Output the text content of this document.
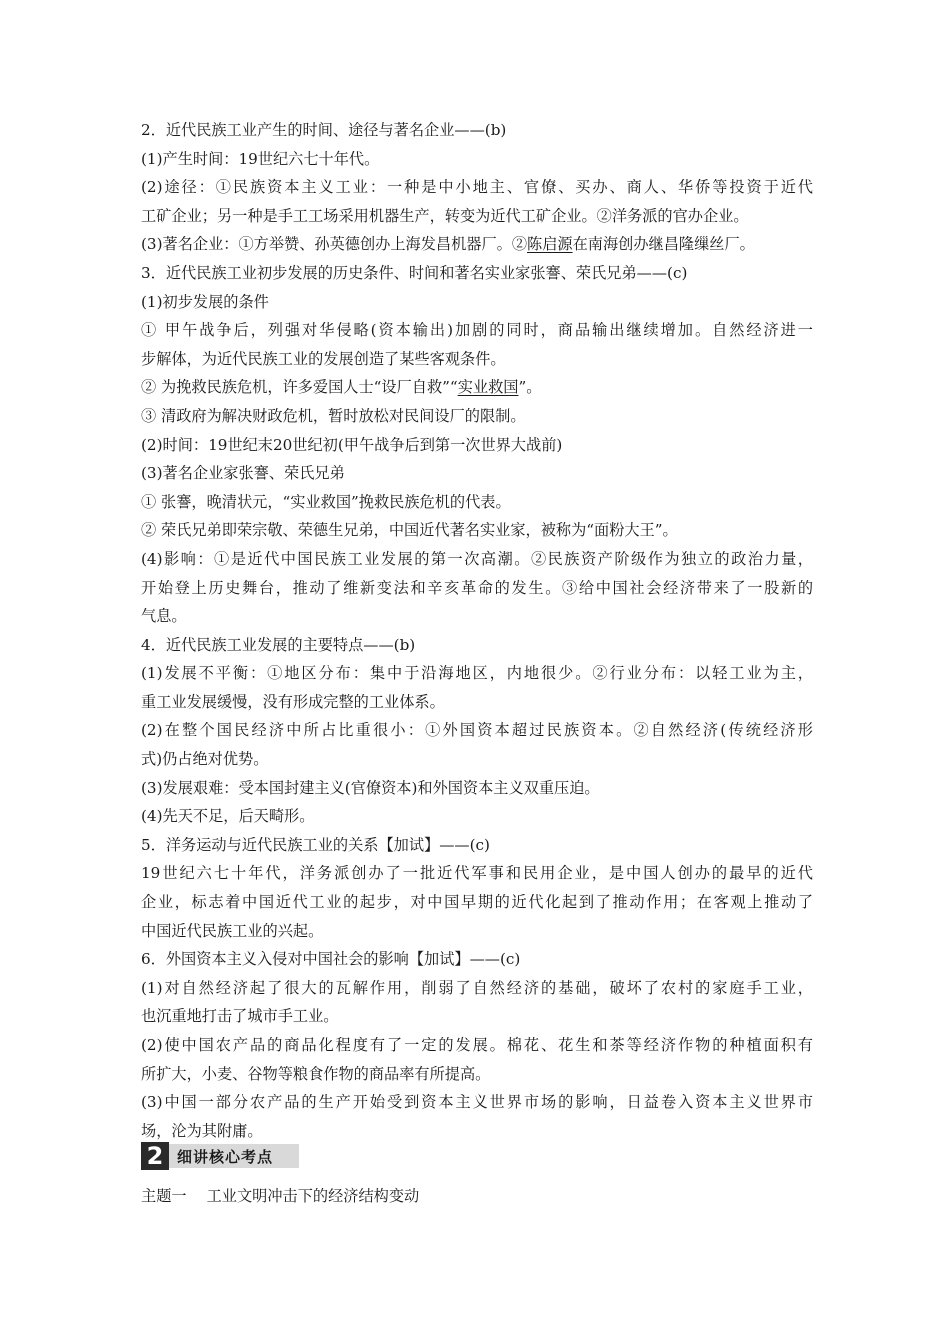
2．近代民族工业产生的时间、途径与著名企业——(b)
(1)产生时间：19世纪六七十年代。
(2)途径：①民族资本主义工业：一种是中小地主、官僚、买办、商人、华侨等投资于近代
工矿企业；另一种是手工工场采用机器生产，转变为近代工矿企业。②洋务派的官办企业。
(3)著名企业：①方举赞、孙英德创办上海发昌机器厂。②陈启源在南海创办继昌隆缫丝厂。
3．近代民族工业初步发展的历史条件、时间和著名实业家张謇、荣氏兄弟——(c)
(1)初步发展的条件
① 甲午战争后，列强对华侵略(资本输出)加剧的同时，商品输出继续增加。自然经济进一
步解体，为近代民族工业的发展创造了某些客观条件。
② 为挽救民族危机，许多爱国人士“设厂自救”“实业救国”。
③ 清政府为解决财政危机，暂时放松对民间设厂的限制。
(2)时间：19世纪末20世纪初(甲午战争后到第一次世界大战前)
(3)著名企业家张謇、荣氏兄弟
① 张謇，晚清状元，“实业救国”挽救民族危机的代表。
② 荣氏兄弟即荣宗敬、荣德生兄弟，中国近代著名实业家，被称为“面粉大王”。
(4)影响：①是近代中国民族工业发展的第一次高潮。②民族资产阶级作为独立的政治力量，
开始登上历史舞台，推动了维新变法和辛亥革命的发生。③给中国社会经济带来了一股新的
气息。
4．近代民族工业发展的主要特点——(b)
(1)发展不平衡：①地区分布：集中于沿海地区，内地很少。②行业分布：以轻工业为主，
重工业发展缓慢，没有形成完整的工业体系。
(2)在整个国民经济中所占比重很小：①外国资本超过民族资本。②自然经济(传统经济形
式)仍占绝对优势。
(3)发展艰难：受本国封建主义(官僚资本)和外国资本主义双重压迫。
(4)先天不足，后天畸形。
5．洋务运动与近代民族工业的关系【加试】——(c)
19世纪六七十年代，洋务派创办了一批近代军事和民用企业，是中国人创办的最早的近代
企业，标志着中国近代工业的起步，对中国早期的近代化起到了推动作用；在客观上推动了
中国近代民族工业的兴起。
6．外国资本主义入侵对中国社会的影响【加试】——(c)
(1)对自然经济起了很大的瓦解作用，削弱了自然经济的基础，破坏了农村的家庭手工业，
也沉重地打击了城市手工业。
(2)使中国农产品的商品化程度有了一定的发展。棉花、花生和茶等经济作物的种植面积有
所扩大，小麦、谷物等粮食作物的商品率有所提高。
(3)中国一部分农产品的生产开始受到资本主义世界市场的影响，日益卷入资本主义世界市
场，沦为其附庸。
2 细讲核心考点
主题一 工业文明冲击下的经济结构变动
